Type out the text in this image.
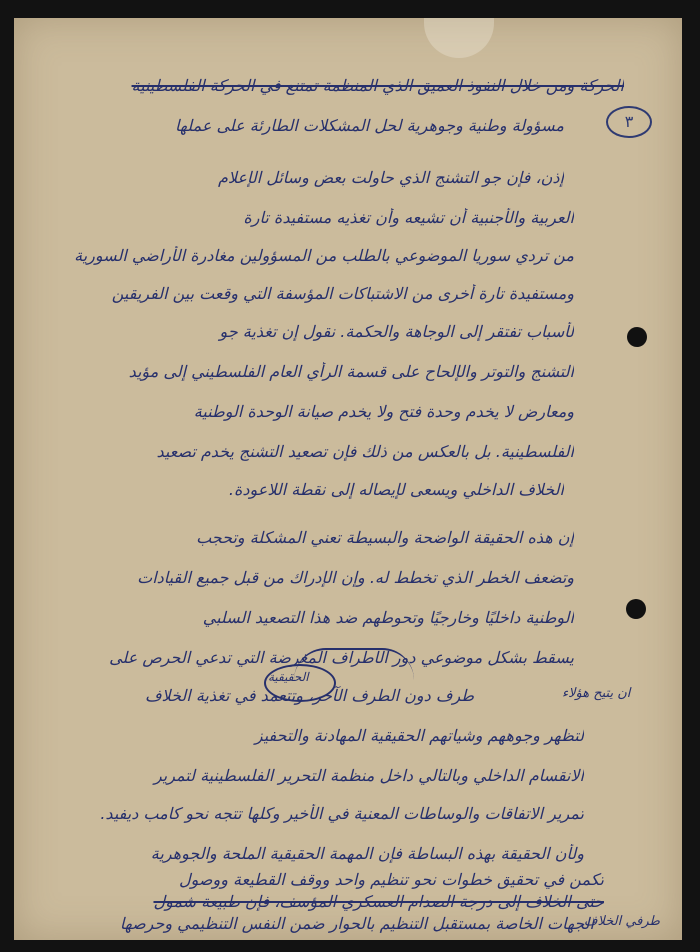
٣
الحركة ومن خلال النفوذ العميق الذي المنظمة تمتنع في الحركة الفلسطينية
مسؤولة وطنية وجوهرية لحل المشكلات الطارئة على عملها
إذن، فإن جو التشنج الذي حاولت بعض وسائل الإعلام
العربية والأجنبية أن تشيعه وأن تغذيه مستفيدة تارة
من تردي سوريا الموضوعي بالطلب من المسؤولين مغادرة الأراضي السورية
ومستفيدة تارة أخرى من الاشتباكات المؤسفة التي وقعت بين الفريقين
لأسباب تفتقر إلى الوجاهة والحكمة. نقول إن تغذية جو
التشنج والتوتر والإلحاح على قسمة الرأي العام الفلسطيني إلى مؤيد
ومعارض لا يخدم وحدة فتح ولا يخدم صيانة الوحدة الوطنية
الفلسطينية. بل بالعكس من ذلك فإن تصعيد التشنج يخدم تصعيد
الخلاف الداخلي ويسعى لإيصاله إلى نقطة اللاعودة.
إن هذه الحقيقة الواضحة والبسيطة تعني المشكلة وتحجب
وتضعف الخطر الذي تخطط له. وإن الإدراك من قبل جميع القيادات
الوطنية داخليًا وخارجيًا وتحوطهم ضد هذا التصعيد السلبي
يسقط بشكل موضوعي دور الأطراف المغرضة التي تدعي الحرص على
طرف دون الطرف الآخر، وتتعمد في تغذية الخلاف
لتظهر وجوههم وشياتهم الحقيقية المهادنة والتحفيز
الانقسام الداخلي وبالتالي داخل منظمة التحرير الفلسطينية لتمرير
تمرير الاتفاقات والوساطات المعنية في الأخير وكلها تتجه نحو كامب ديفيد.
ولأن الحقيقة بهذه البساطة فإن المهمة الحقيقية الملحة والجوهرية
تكمن في تحقيق خطوات نحو تنظيم واحد ووقف القطيعة ووصول
حتى الخلاف إلى درجة الصدام العسكري المؤسف، فإن طبيعة شمول
الجهات الخاصة بمستقبل التنظيم بالحوار ضمن النفس التنظيمي وحرصها
ان يتيح هؤلاء
طرفي الخلاف
الحقيقية
